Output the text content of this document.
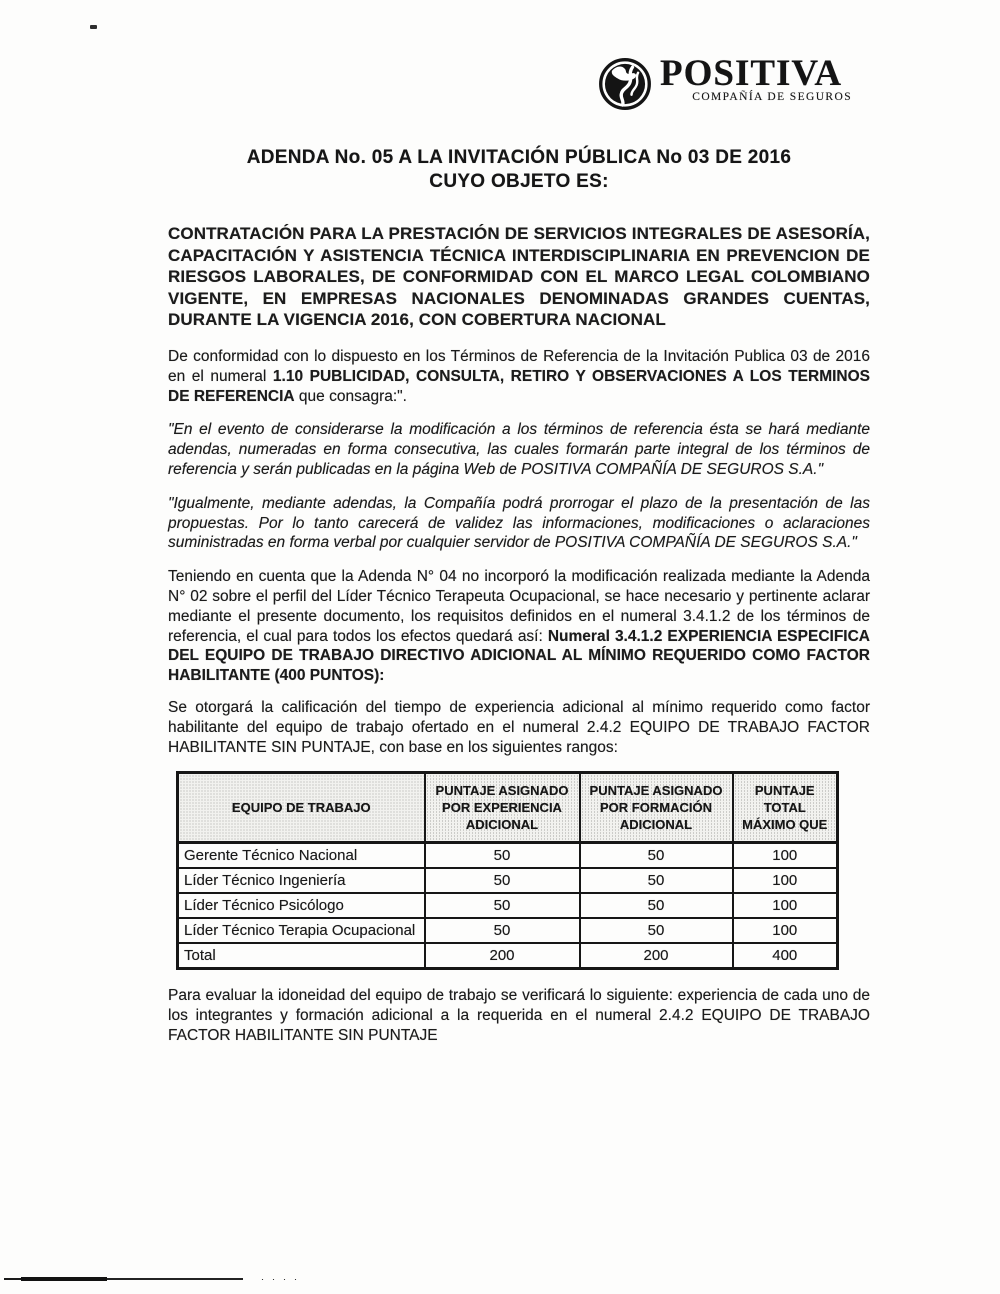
POSITIVA
COMPAÑÍA DE SEGUROS
ADENDA No. 05 A LA INVITACIÓN PÚBLICA No 03 DE 2016
CUYO OBJETO ES:

CONTRATACIÓN PARA LA PRESTACIÓN DE SERVICIOS INTEGRALES DE ASESORÍA, CAPACITACIÓN Y ASISTENCIA TÉCNICA INTERDISCIPLINARIA EN PREVENCION DE RIESGOS LABORALES, DE CONFORMIDAD CON EL MARCO LEGAL COLOMBIANO VIGENTE, EN EMPRESAS NACIONALES DENOMINADAS GRANDES CUENTAS, DURANTE LA VIGENCIA 2016, CON COBERTURA NACIONAL

De conformidad con lo dispuesto en los Términos de Referencia de la Invitación Publica 03 de 2016 en el numeral 1.10 PUBLICIDAD, CONSULTA, RETIRO Y OBSERVACIONES A LOS TERMINOS DE REFERENCIA que consagra:".

"En el evento de considerarse la modificación a los términos de referencia ésta se hará mediante adendas, numeradas en forma consecutiva, las cuales formarán parte integral de los términos de referencia y serán publicadas en la página Web de POSITIVA COMPAÑÍA DE SEGUROS S.A."

"Igualmente, mediante adendas, la Compañía podrá prorrogar el plazo de la presentación de las propuestas. Por lo tanto carecerá de validez las informaciones, modificaciones o aclaraciones suministradas en forma verbal por cualquier servidor de POSITIVA COMPAÑÍA DE SEGUROS S.A."

Teniendo en cuenta que la Adenda N° 04 no incorporó la modificación realizada mediante la Adenda N° 02 sobre el perfil del Líder Técnico Terapeuta Ocupacional, se hace necesario y pertinente aclarar mediante el presente documento, los requisitos definidos en el numeral 3.4.1.2 de los términos de referencia, el cual para todos los efectos quedará así: Numeral 3.4.1.2 EXPERIENCIA ESPECIFICA DEL EQUIPO DE TRABAJO DIRECTIVO ADICIONAL AL MÍNIMO REQUERIDO COMO FACTOR HABILITANTE (400 PUNTOS):

Se otorgará la calificación del tiempo de experiencia adicional al mínimo requerido como factor habilitante del equipo de trabajo ofertado en el numeral 2.4.2 EQUIPO DE TRABAJO FACTOR HABILITANTE SIN PUNTAJE, con base en los siguientes rangos:

EQUIPO DE TRABAJO	PUNTAJE ASIGNADO POR EXPERIENCIA ADICIONAL	PUNTAJE ASIGNADO POR FORMACIÓN ADICIONAL	PUNTAJE TOTAL MÁXIMO QUE
Gerente Técnico Nacional	50	50	100
Líder Técnico Ingeniería	50	50	100
Líder Técnico Psicólogo	50	50	100
Líder Técnico Terapia Ocupacional	50	50	100
Total	200	200	400

Para evaluar la idoneidad del equipo de trabajo se verificará lo siguiente: experiencia de cada uno de los integrantes y formación adicional a la requerida en el numeral 2.4.2 EQUIPO DE TRABAJO FACTOR HABILITANTE SIN PUNTAJE
